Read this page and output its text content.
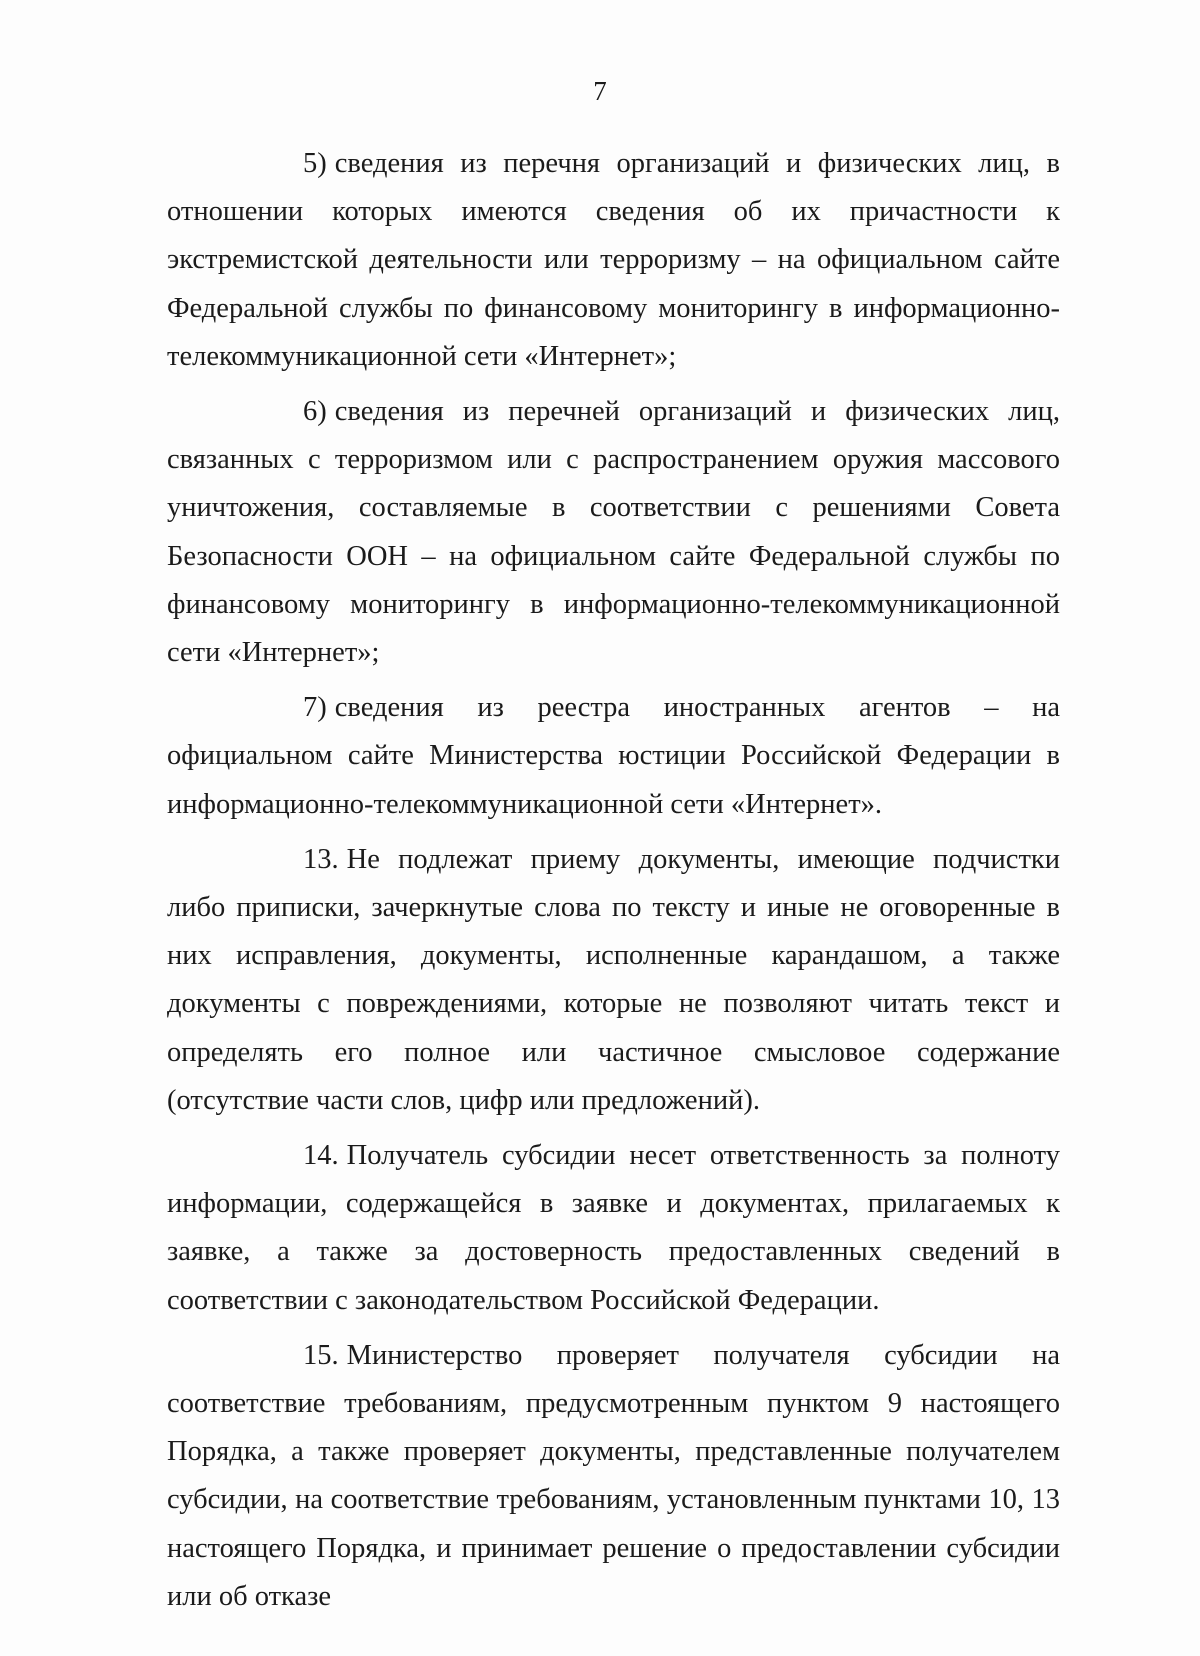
7

5) сведения из перечня организаций и физических лиц, в отношении которых имеются сведения об их причастности к экстремистской деятельности или терроризму – на официальном сайте Федеральной службы по финансовому мониторингу в информационно-телекоммуникационной сети «Интернет»;

6) сведения из перечней организаций и физических лиц, связанных с терроризмом или с распространением оружия массового уничтожения, составляемые в соответствии с решениями Совета Безопасности ООН – на официальном сайте Федеральной службы по финансовому мониторингу в информационно-телекоммуникационной сети «Интернет»;

7) сведения из реестра иностранных агентов – на официальном сайте Министерства юстиции Российской Федерации в информационно-телекоммуникационной сети «Интернет».

13. Не подлежат приему документы, имеющие подчистки либо приписки, зачеркнутые слова по тексту и иные не оговоренные в них исправления, документы, исполненные карандашом, а также документы с повреждениями, которые не позволяют читать текст и определять его полное или частичное смысловое содержание (отсутствие части слов, цифр или предложений).

14. Получатель субсидии несет ответственность за полноту информации, содержащейся в заявке и документах, прилагаемых к заявке, а также за достоверность предоставленных сведений в соответствии с законодательством Российской Федерации.

15. Министерство проверяет получателя субсидии на соответствие требованиям, предусмотренным пунктом 9 настоящего Порядка, а также проверяет документы, представленные получателем субсидии, на соответствие требованиям, установленным пунктами 10, 13 настоящего Порядка, и принимает решение о предоставлении субсидии или об отказе
